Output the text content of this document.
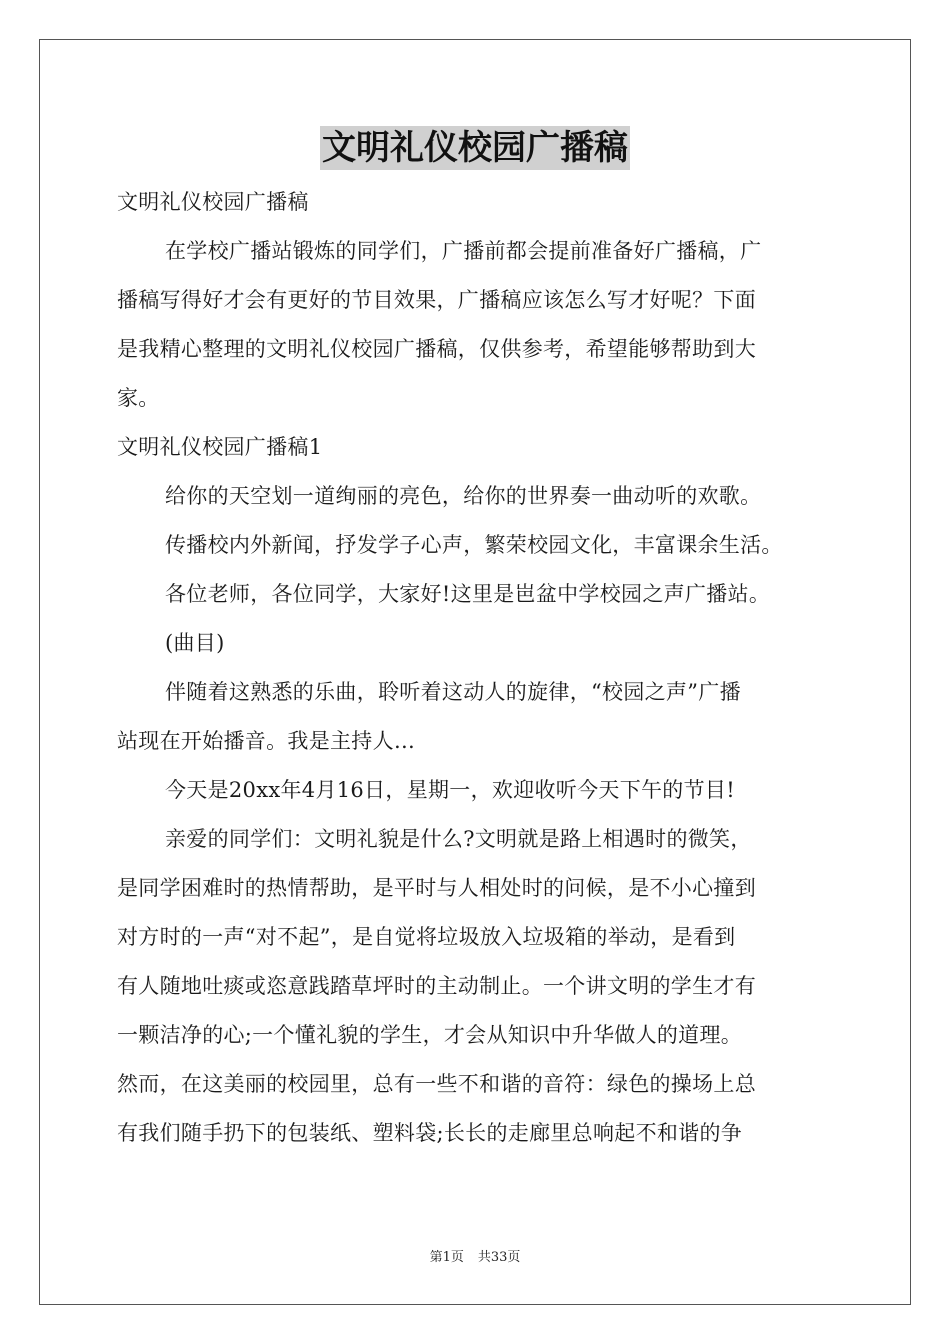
文明礼仪校园广播稿

文明礼仪校园广播稿

在学校广播站锻炼的同学们，广播前都会提前准备好广播稿，广

播稿写得好才会有更好的节目效果，广播稿应该怎么写才好呢？下面

是我精心整理的文明礼仪校园广播稿，仅供参考，希望能够帮助到大

家。

文明礼仪校园广播稿1

给你的天空划一道绚丽的亮色，给你的世界奏一曲动听的欢歌。

传播校内外新闻，抒发学子心声，繁荣校园文化，丰富课余生活。

各位老师，各位同学，大家好!这里是岜盆中学校园之声广播站。

(曲目)

伴随着这熟悉的乐曲，聆听着这动人的旋律，“校园之声”广播

站现在开始播音。我是主持人…

今天是20xx年4月16日，星期一，欢迎收听今天下午的节目!

亲爱的同学们：文明礼貌是什么?文明就是路上相遇时的微笑，

是同学困难时的热情帮助，是平时与人相处时的问候，是不小心撞到

对方时的一声“对不起”，是自觉将垃圾放入垃圾箱的举动，是看到

有人随地吐痰或恣意践踏草坪时的主动制止。一个讲文明的学生才有

一颗洁净的心;一个懂礼貌的学生，才会从知识中升华做人的道理。

然而，在这美丽的校园里，总有一些不和谐的音符：绿色的操场上总

有我们随手扔下的包装纸、塑料袋;长长的走廊里总响起不和谐的争

第1页 共33页
